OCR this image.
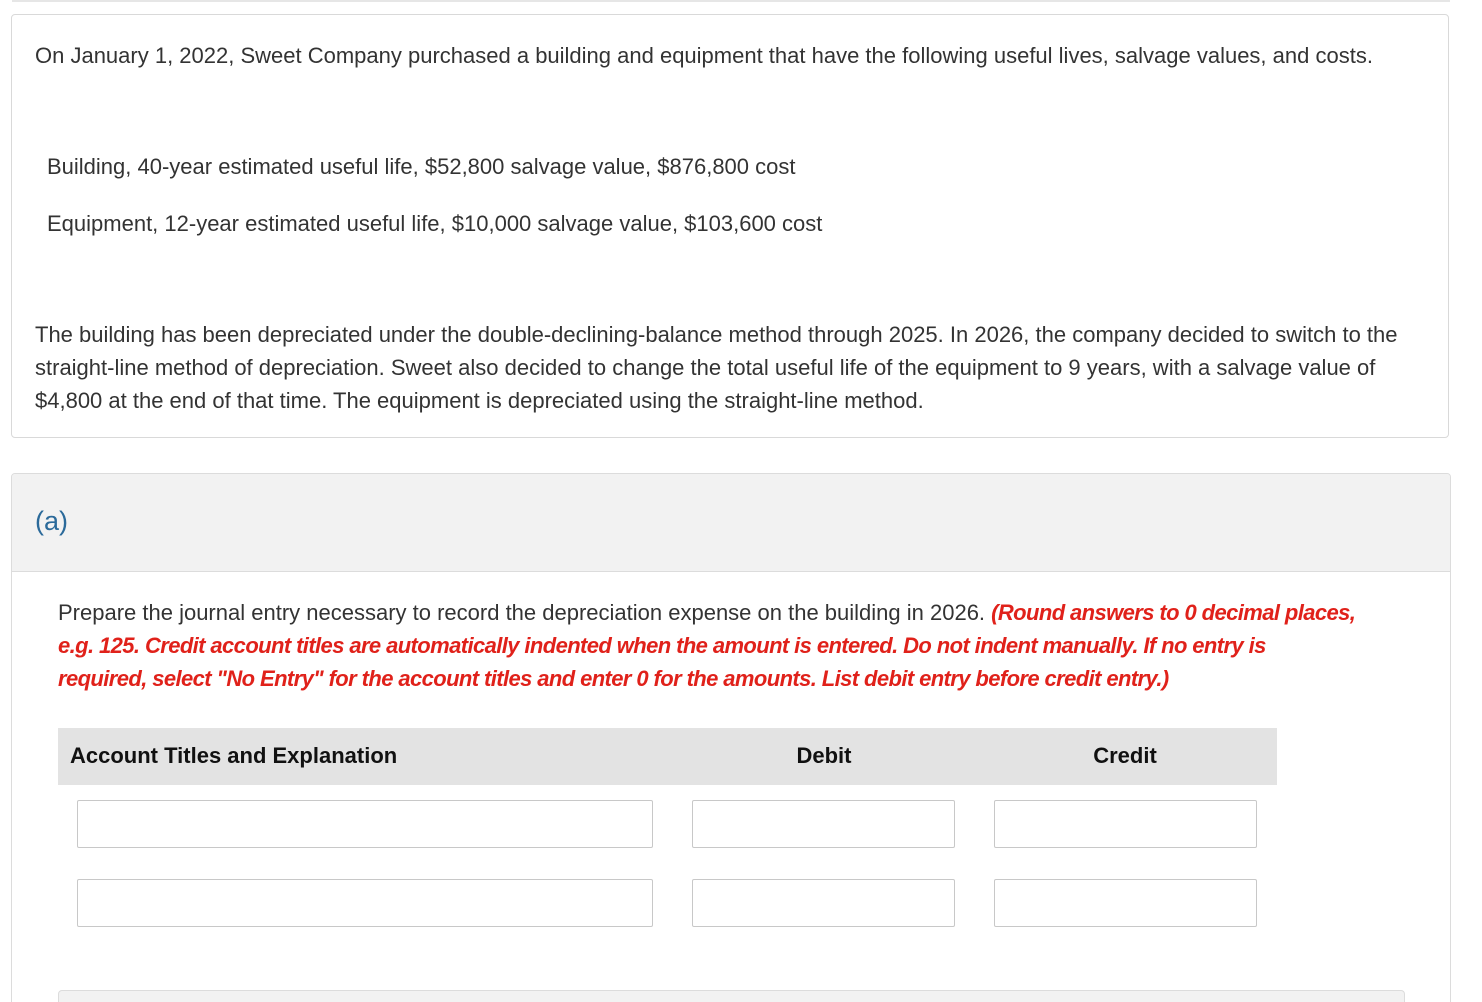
On January 1, 2022, Sweet Company purchased a building and equipment that have the following useful lives, salvage values, and costs.

Building, 40-year estimated useful life, $52,800 salvage value, $876,800 cost

Equipment, 12-year estimated useful life, $10,000 salvage value, $103,600 cost

The building has been depreciated under the double-declining-balance method through 2025. In 2026, the company decided to switch to the straight-line method of depreciation. Sweet also decided to change the total useful life of the equipment to 9 years, with a salvage value of $4,800 at the end of that time. The equipment is depreciated using the straight-line method.

(a)

Prepare the journal entry necessary to record the depreciation expense on the building in 2026. (Round answers to 0 decimal places, e.g. 125. Credit account titles are automatically indented when the amount is entered. Do not indent manually. If no entry is required, select "No Entry" for the account titles and enter 0 for the amounts. List debit entry before credit entry.)

Account Titles and Explanation	Debit	Credit
